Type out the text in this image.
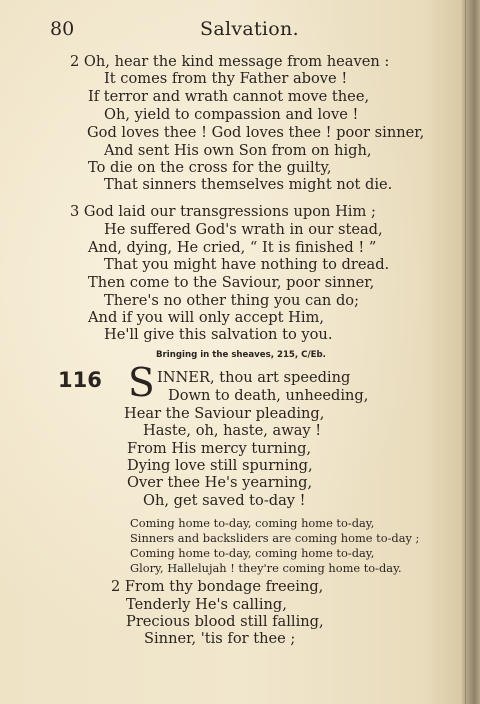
80	Salvation.
2 Oh, hear the kind message from heaven :
It comes from thy Father above !
If terror and wrath cannot move thee,
Oh, yield to compassion and love !
God loves thee ! God loves thee ! poor sinner,
And sent His own Son from on high,
To die on the cross for the guilty,
That sinners themselves might not die.
3 God laid our transgressions upon Him ;
He suffered God's wrath in our stead,
And, dying, He cried, “ It is finished ! ”
That you might have nothing to dread.
Then come to the Saviour, poor sinner,
There's no other thing you can do;
And if you will only accept Him,
He'll give this salvation to you.
Bringing in the sheaves, 215, C/Eb.
116 S INNER, thou art speeding
Down to death, unheeding,
Hear the Saviour pleading,
Haste, oh, haste, away !
From His mercy turning,
Dying love still spurning,
Over thee He's yearning,
Oh, get saved to-day !
Coming home to-day, coming home to-day,
Sinners and backsliders are coming home to-day ;
Coming home to-day, coming home to-day,
Glory, Hallelujah ! they're coming home to-day.
2 From thy bondage freeing,
Tenderly He's calling,
Precious blood still falling,
Sinner, 'tis for thee ;
